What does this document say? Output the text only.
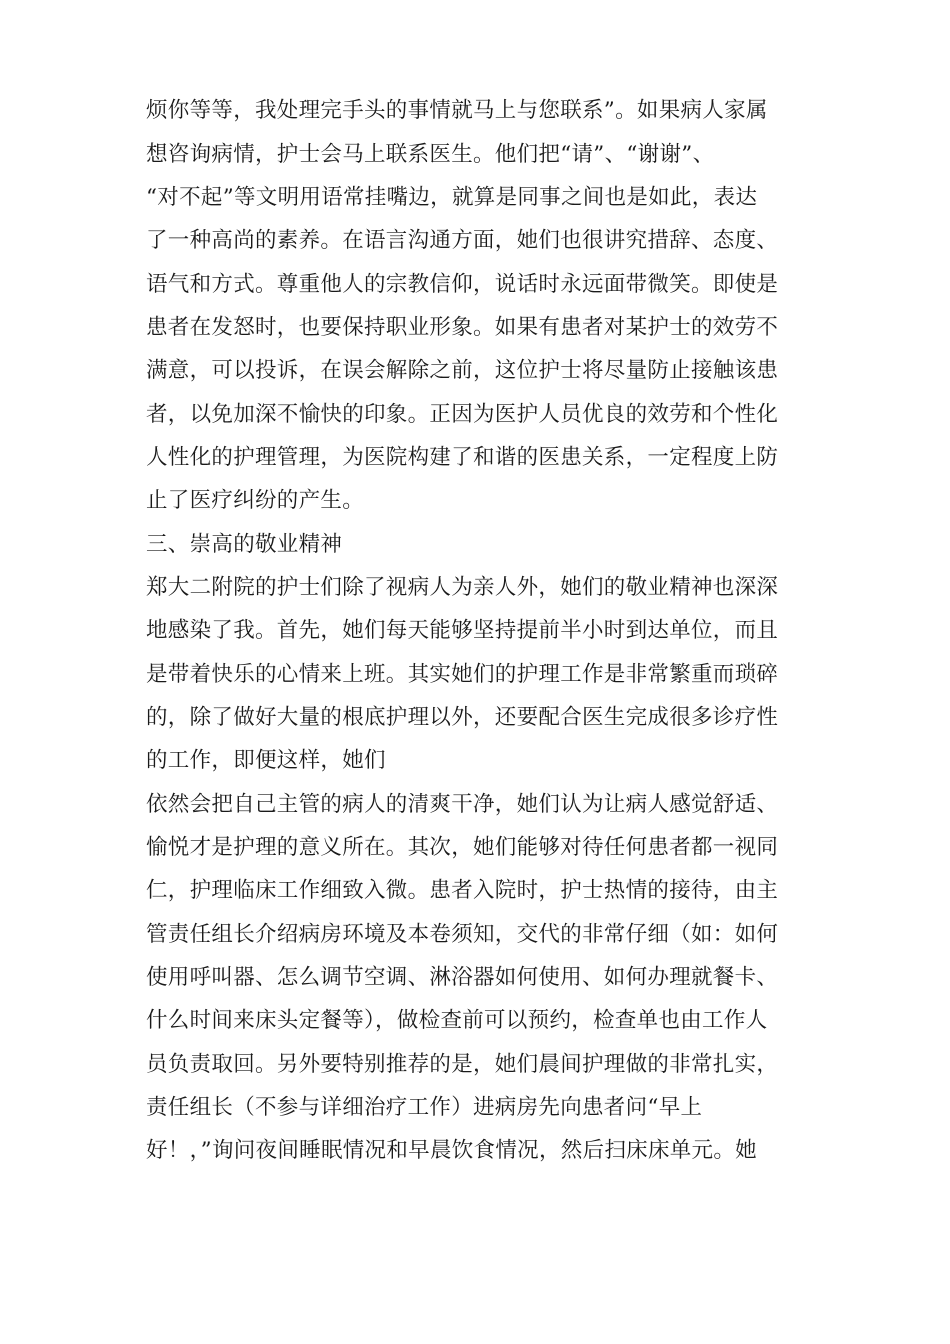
烦你等等，我处理完手头的事情就马上与您联系”。如果病人家属
想咨询病情，护士会马上联系医生。他们把“请”、“谢谢”、
“对不起”等文明用语常挂嘴边，就算是同事之间也是如此，表达
了一种高尚的素养。在语言沟通方面，她们也很讲究措辞、态度、
语气和方式。尊重他人的宗教信仰，说话时永远面带微笑。即使是
患者在发怒时，也要保持职业形象。如果有患者对某护士的效劳不
满意，可以投诉，在误会解除之前，这位护士将尽量防止接触该患
者，以免加深不愉快的印象。正因为医护人员优良的效劳和个性化
人性化的护理管理，为医院构建了和谐的医患关系，一定程度上防
止了医疗纠纷的产生。
三、崇高的敬业精神
郑大二附院的护士们除了视病人为亲人外，她们的敬业精神也深深
地感染了我。首先，她们每天能够坚持提前半小时到达单位，而且
是带着快乐的心情来上班。其实她们的护理工作是非常繁重而琐碎
的，除了做好大量的根底护理以外，还要配合医生完成很多诊疗性
的工作，即便这样，她们
依然会把自己主管的病人的清爽干净，她们认为让病人感觉舒适、
愉悦才是护理的意义所在。其次，她们能够对待任何患者都一视同
仁，护理临床工作细致入微。患者入院时，护士热情的接待，由主
管责任组长介绍病房环境及本卷须知，交代的非常仔细（如：如何
使用呼叫器、怎么调节空调、淋浴器如何使用、如何办理就餐卡、
什么时间来床头定餐等），做检查前可以预约，检查单也由工作人
员负责取回。另外要特别推荐的是，她们晨间护理做的非常扎实，
责任组长（不参与详细治疗工作）进病房先向患者问“早上
好！，”询问夜间睡眠情况和早晨饮食情况，然后扫床床单元。她
